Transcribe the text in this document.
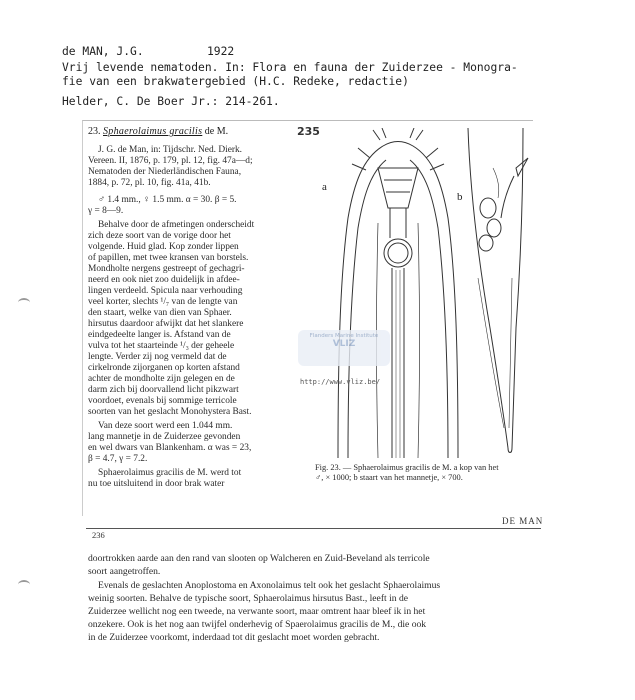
de MAN, J.G.	1922
Vrij levende nematoden. In: Flora en fauna der Zuiderzee - Monogra-
fie van een brakwatergebied (H.C. Redeke, redactie)
Helder, C. De Boer Jr.: 214-261.
23. Sphaerolaimus gracilis de M.	235
J. G. de Man, in: Tijdschr. Ned. Dierk.
Vereen. II, 1876, p. 179, pl. 12, fig. 47a—d;
Nematoden der Niederländischen Fauna,
1884, p. 72, pl. 10, fig. 41a, 41b.
♂ 1.4 mm., ♀ 1.5 mm. α = 30. β = 5.
γ = 8—9.
Behalve door de afmetingen onderscheidt
zich deze soort van de vorige door het
volgende. Huid glad. Kop zonder lippen
of papillen, met twee kransen van borstels.
Mondholte nergens gestreept of gechagri-
neerd en ook niet zoo duidelijk in afdee-
lingen verdeeld. Spicula naar verhouding
veel korter, slechts ¹/₇ van de lengte van
den staart, welke van dien van Sphaer.
hirsutus daardoor afwijkt dat het slankere
eindgedeelte langer is. Afstand van de
vulva tot het staarteinde ¹/₃ der geheele
lengte. Verder zij nog vermeld dat de
cirkelronde zijorganen op korten afstand
achter de mondholte zijn gelegen en de
darm zich bij doorvallend licht pikzwart
voordoet, evenals bij sommige terricole
soorten van het geslacht Monohystera Bast.
Van deze soort werd een 1.044 mm.
lang mannetje in de Zuiderzee gevonden
en wel dwars van Blankenham. α was = 23,
β = 4.7, γ = 7.2.
Sphaerolaimus gracilis de M. werd tot
nu toe uitsluitend in door brak water
a
b
Flanders Marine Institute
VLIZ
http://www.vliz.be/
Fig. 23. — Sphaerolaimus gracilis de M. a kop van het
♂, × 1000; b staart van het mannetje, × 700.
236
DE MAN
doortrokken aarde aan den rand van slooten op Walcheren en Zuid-Beveland als terricole
soort aangetroffen.
Evenals de geslachten Anoplostoma en Axonolaimus telt ook het geslacht Sphaerolaimus
weinig soorten. Behalve de typische soort, Sphaerolaimus hirsutus Bast., leeft in de
Zuiderzee wellicht nog een tweede, na verwante soort, maar omtrent haar bleef ik in het
onzekere. Ook is het nog aan twijfel onderhevig of Spaerolaimus gracilis de M., die ook
in de Zuiderzee voorkomt, inderdaad tot dit geslacht moet worden gebracht.
